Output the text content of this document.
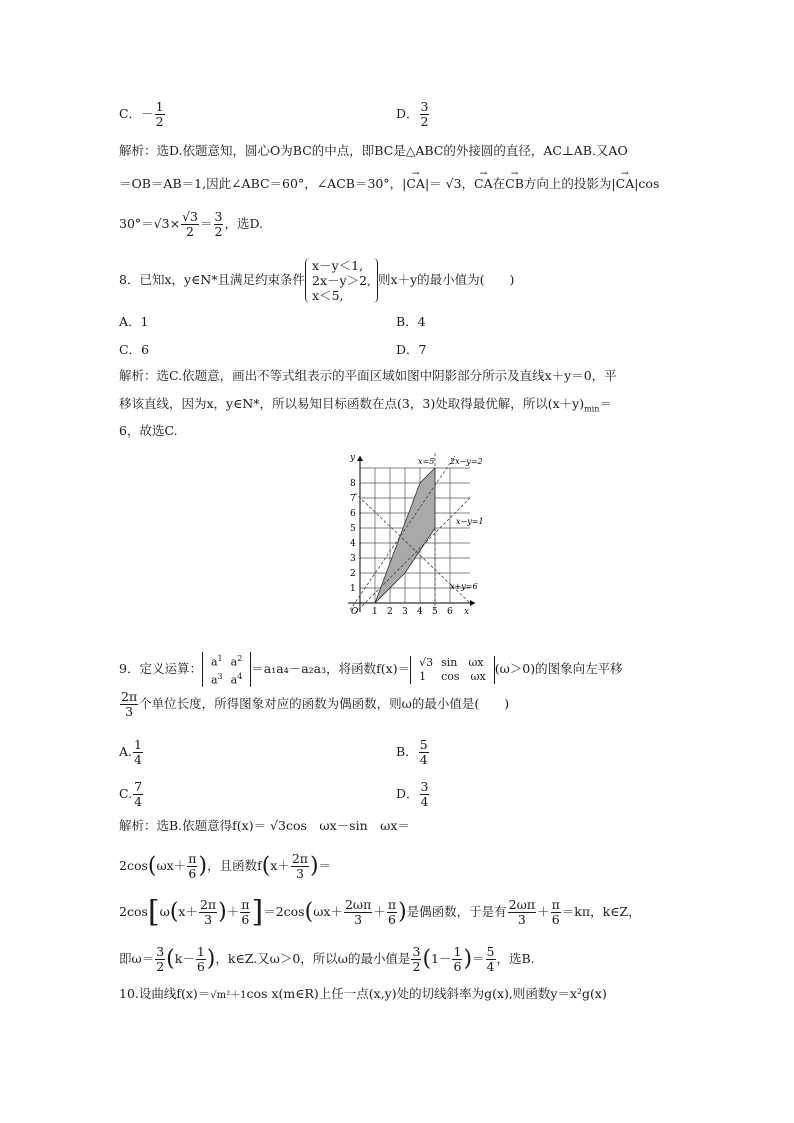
C．－ $\frac{1}{2}$	D． $\frac{3}{2}$
解析：选D.依题意知，圆心O为BC的中点，即BC是△ABC的外接圆的直径，AC⊥AB.又AO
＝OB＝AB＝1,因此∠ABC＝60°，∠ACB＝30°，|→ CA|＝ √3，→ CA在→ CB方向上的投影为|→ CA|cos
$30^\circ=√3\times \frac{√3}{2} = \frac{3}{2}$ ，选D.
8．已知x，y∈N*且满足约束条件
x－y＜1,
2x－y＞2,
x＜5,
则x＋y的最小值为(　　)
A．1	B．4
C．6	D．7
解析：选C.依题意，画出不等式组表示的平面区域如图中阴影部分所示及直线x＋y＝0，平
移该直线，因为x，y∈N*，所以易知目标函数在点(3，3)处取得最优解，所以$(x+y)_{min}=$
6，故选C.
y
x
O
x=5 2x−y=2
x−y=1
x+y=6
1 2 3 4 5 6
1
2
3
4
5
6
7
8
9．定义运算： $a^1$	$a^2$
$a^3$	$a^4 =a_1a_4-a_2a_3$，将函数f(x)＝ √3	sin　ωx
1	cos　ωx (ω＞0)的图象向左平移
$\frac{2\pi}{3}$ 个单位长度，所得图象对应的函数为偶函数，则ω的最小值是(　　)
A. $\frac{1}{4}$	B． $\frac{5}{4}$
C. $\frac{7}{4}$	D． $\frac{3}{4}$
解析：选B.依题意得f(x)＝ √3cos　ωx－sin　ωx＝
$2\cos(\omega x+ \frac{\pi}{6}$ )，且函数$f(x+ \frac{2\pi}{3}$ )＝
$2\cos[\omega(x+ \frac{2\pi}{3}$ )＋ $\frac{\pi}{6} ]=2\cos(\omega x+ \frac{2\omega\pi}{3} + \frac{\pi}{6}$ )是偶函数，于是有 $\frac{2\omega\pi}{3} + \frac{\pi}{6} =k\pi$，k∈Z，
即$\omega= \frac{3}{2} (k- \frac{1}{6}$ )，k∈Z.又ω＞0，所以ω的最小值是 $\frac{3}{2} (1- \frac{1}{6}$ )＝ $\frac{5}{4}$ ，选B.
10.设曲线f(x)＝√m²＋1cos x(m∈R)上任一点(x,y)处的切线斜率为g(x),则函数y＝x²g(x)
